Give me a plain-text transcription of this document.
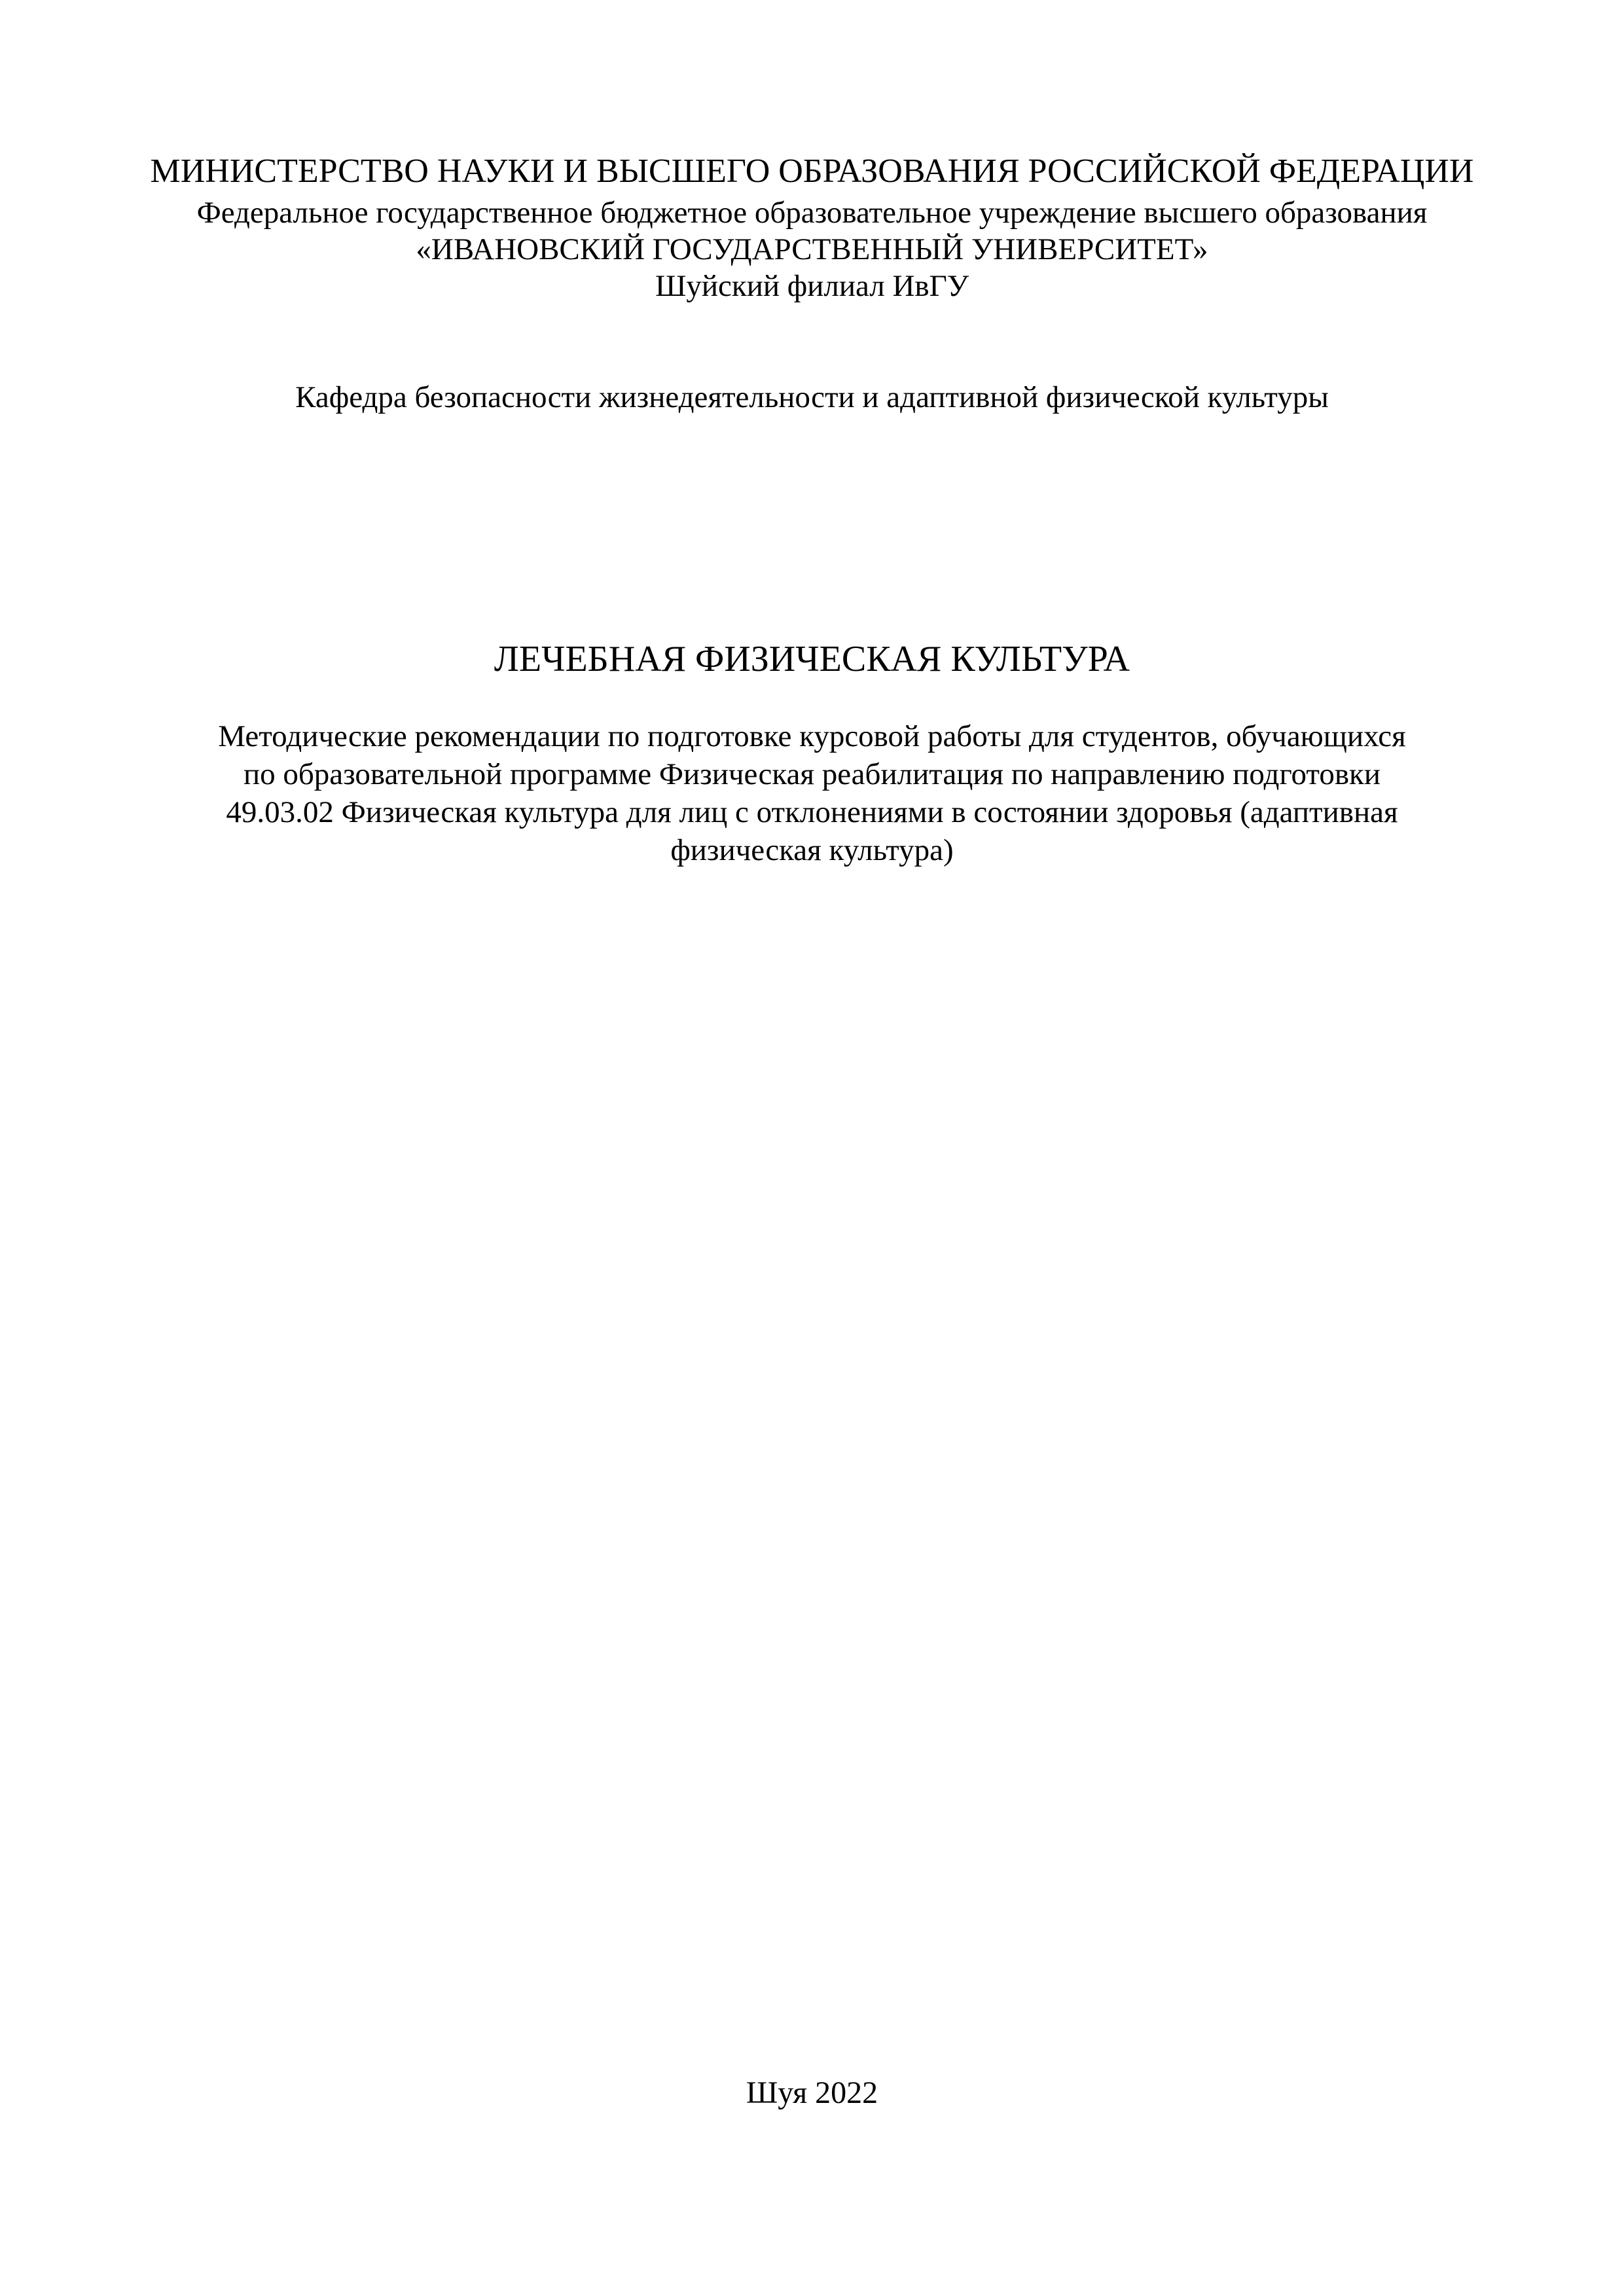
МИНИСТЕРСТВО НАУКИ И ВЫСШЕГО ОБРАЗОВАНИЯ РОССИЙСКОЙ ФЕДЕРАЦИИ
Федеральное государственное бюджетное образовательное учреждение высшего образования
«ИВАНОВСКИЙ ГОСУДАРСТВЕННЫЙ УНИВЕРСИТЕТ»
Шуйский филиал ИвГУ
Кафедра безопасности жизнедеятельности и адаптивной физической культуры
ЛЕЧЕБНАЯ ФИЗИЧЕСКАЯ КУЛЬТУРА
Методические рекомендации по подготовке курсовой работы для студентов, обучающихся
по образовательной программе Физическая реабилитация по направлению подготовки
49.03.02 Физическая культура для лиц с отклонениями в состоянии здоровья (адаптивная
физическая культура)
Шуя 2022
